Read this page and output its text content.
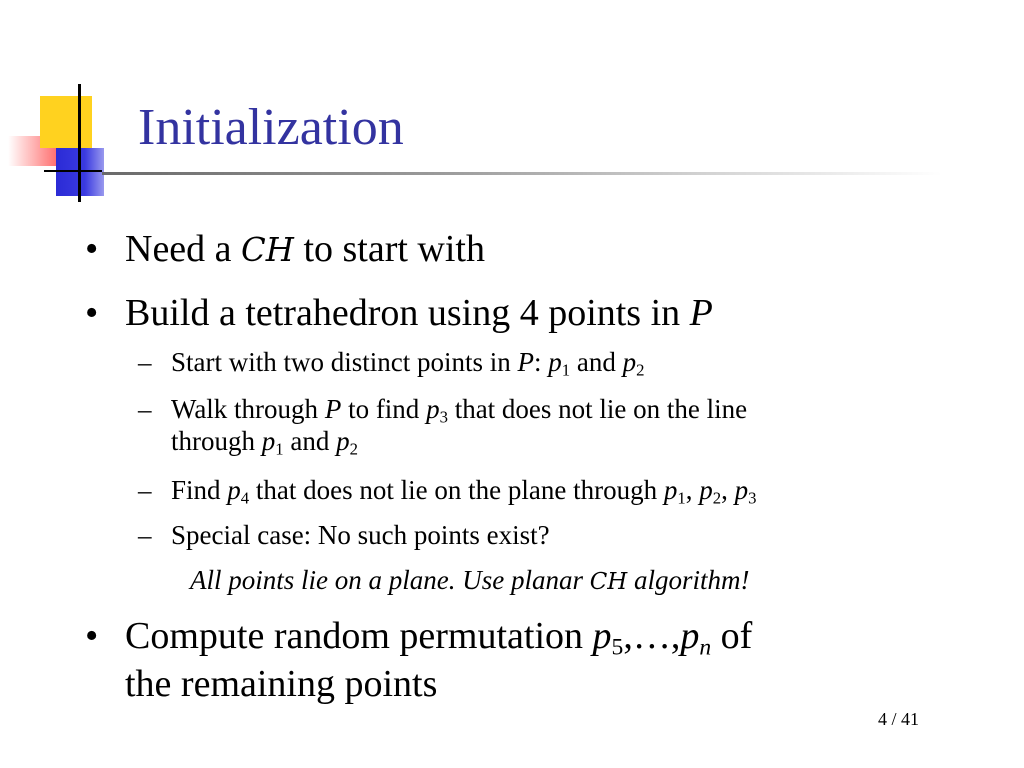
Initialization
• Need a CH to start with
• Build a tetrahedron using 4 points in P
– Start with two distinct points in P: $p_1$ and $p_2$
– Walk through P to find $p_3$ that does not lie on the line
through $p_1$ and $p_2$
– Find $p_4$ that does not lie on the plane through $p_1$, $p_2$, $p_3$
– Special case: No such points exist?
All points lie on a plane. Use planar CH algorithm!
• Compute random permutation $p_5,\dots,p_n$ of
the remaining points
4 / 41
